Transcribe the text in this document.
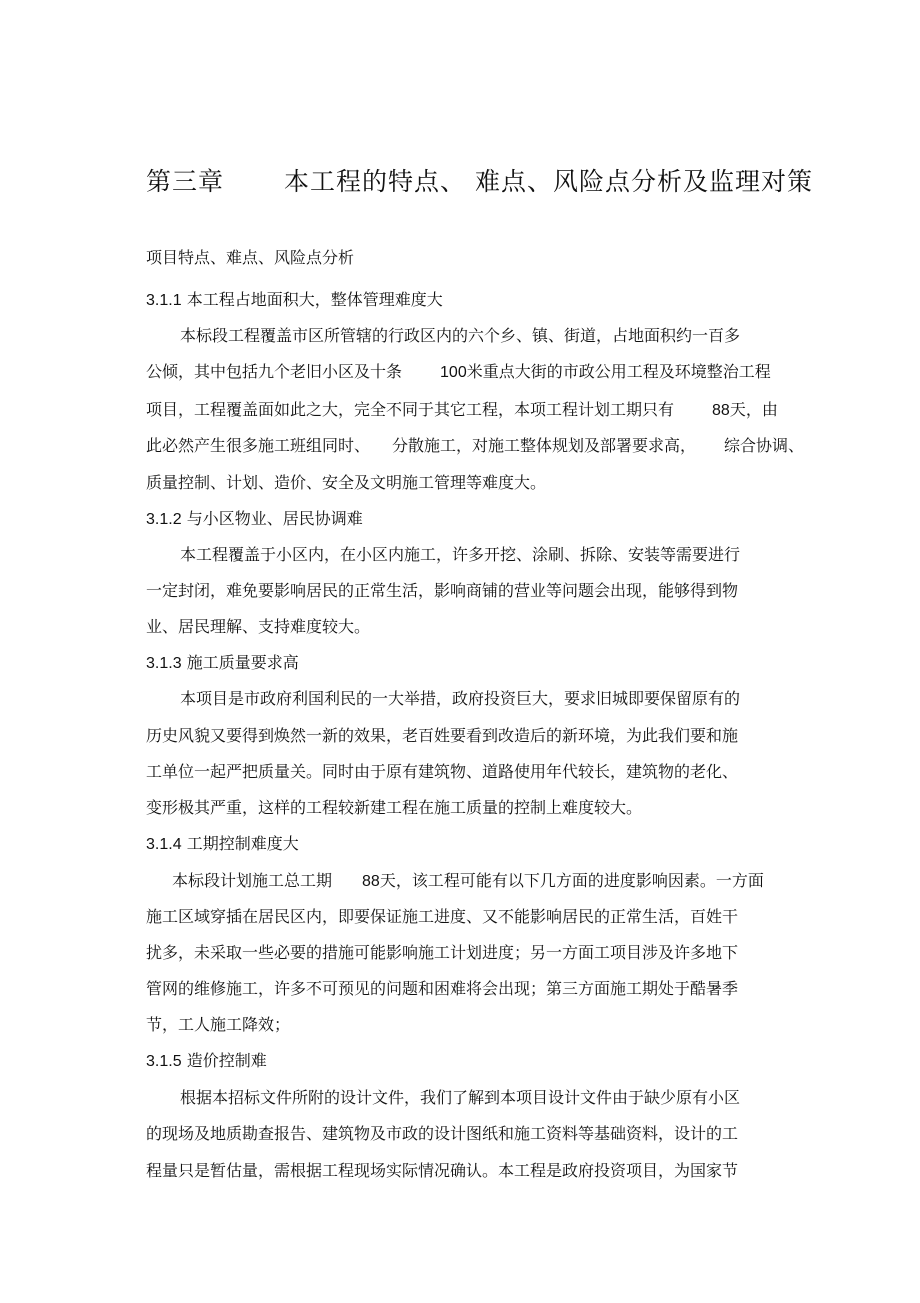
第三章 本工程的特点、 难点、风险点分析及监理对策
项目特点、难点、风险点分析
3.1.1 本工程占地面积大，整体管理难度大
本标段工程覆盖市区所管辖的行政区内的六个乡、镇、街道，占地面积约一百多
公倾，其中包括九个老旧小区及十条 100米重点大街的市政公用工程及环境整治工程
项目，工程覆盖面如此之大，完全不同于其它工程，本项工程计划工期只有 88天，由
此必然产生很多施工班组同时、 分散施工，对施工整体规划及部署要求高， 综合协调、
质量控制、计划、造价、安全及文明施工管理等难度大。
3.1.2 与小区物业、居民协调难
本工程覆盖于小区内，在小区内施工，许多开挖、涂刷、拆除、安装等需要进行
一定封闭，难免要影响居民的正常生活，影响商铺的营业等问题会出现，能够得到物
业、居民理解、支持难度较大。
3.1.3 施工质量要求高
本项目是市政府利国利民的一大举措，政府投资巨大，要求旧城即要保留原有的
历史风貌又要得到焕然一新的效果，老百姓要看到改造后的新环境，为此我们要和施
工单位一起严把质量关。同时由于原有建筑物、道路使用年代较长，建筑物的老化、
变形极其严重，这样的工程较新建工程在施工质量的控制上难度较大。
3.1.4 工期控制难度大
本标段计划施工总工期 88天，该工程可能有以下几方面的进度影响因素。一方面
施工区域穿插在居民区内，即要保证施工进度、又不能影响居民的正常生活，百姓干
扰多，未采取一些必要的措施可能影响施工计划进度；另一方面工项目涉及许多地下
管网的维修施工，许多不可预见的问题和困难将会出现；第三方面施工期处于酷暑季
节，工人施工降效；
3.1.5 造价控制难
根据本招标文件所附的设计文件，我们了解到本项目设计文件由于缺少原有小区
的现场及地质勘查报告、建筑物及市政的设计图纸和施工资料等基础资料，设计的工
程量只是暂估量，需根据工程现场实际情况确认。本工程是政府投资项目，为国家节
